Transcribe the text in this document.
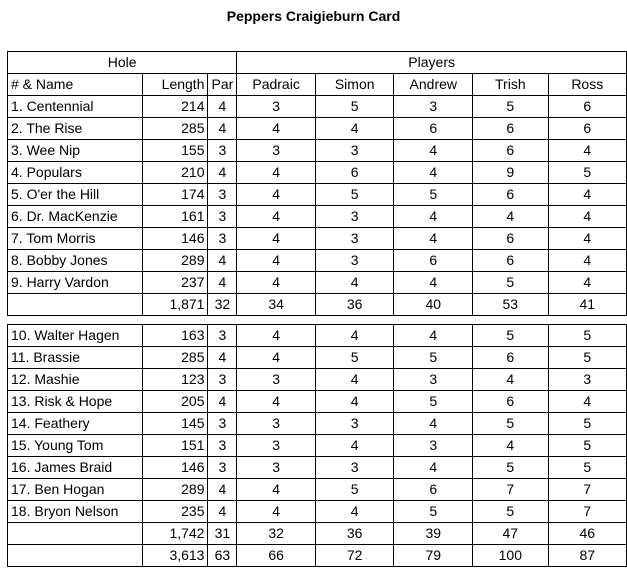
Peppers Craigieburn Card
Hole			Players				
# & Name	Length	Par	Padraic	Simon	Andrew	Trish	Ross
1. Centennial	214	4	3	5	3	5	6
2. The Rise	285	4	4	4	6	6	6
3. Wee Nip	155	3	3	3	4	6	4
4. Populars	210	4	4	6	4	9	5
5. O'er the Hill	174	3	4	5	5	6	4
6. Dr. MacKenzie	161	3	4	3	4	4	4
7. Tom Morris	146	3	4	3	4	6	4
8. Bobby Jones	289	4	4	3	6	6	4
9. Harry Vardon	237	4	4	4	4	5	4
	1,871	32	34	36	40	53	41

10. Walter Hagen	163	3	4	4	4	5	5
11. Brassie	285	4	4	5	5	6	5
12. Mashie	123	3	3	4	3	4	3
13. Risk & Hope	205	4	4	4	5	6	4
14. Feathery	145	3	3	3	4	5	5
15. Young Tom	151	3	3	4	3	4	5
16. James Braid	146	3	3	3	4	5	5
17. Ben Hogan	289	4	4	5	6	7	7
18. Bryon Nelson	235	4	4	4	5	5	7
	1,742	31	32	36	39	47	46
	3,613	63	66	72	79	100	87
